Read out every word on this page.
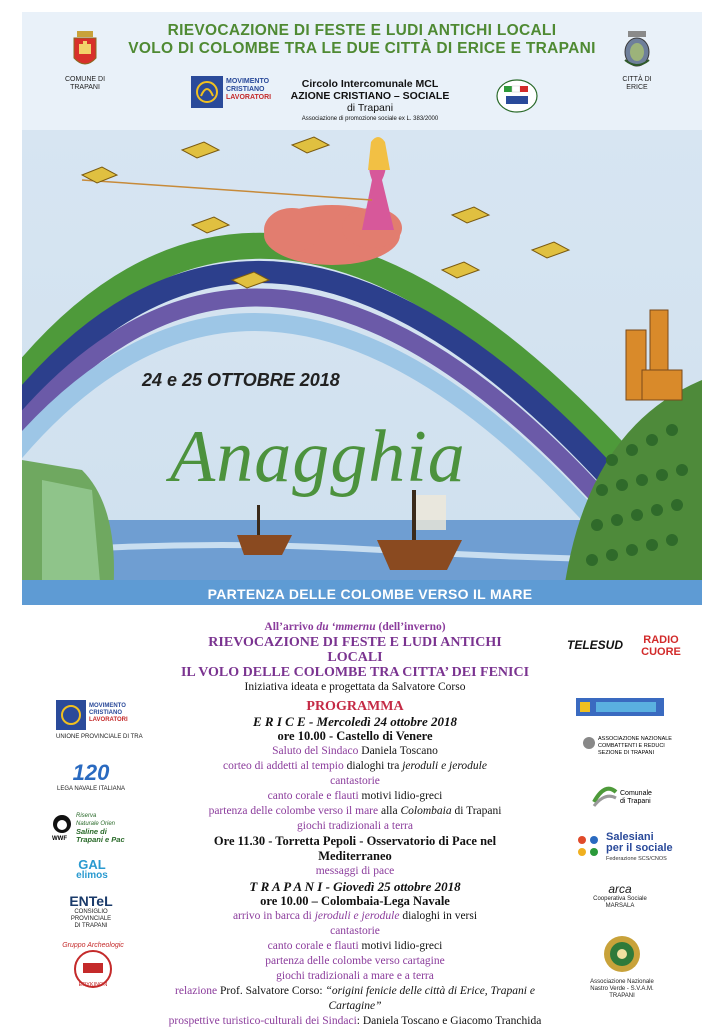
RIEVOCAZIONE DI FESTE E LUDI ANTICHI LOCALI
VOLO DI COLOMBE TRA LE DUE CITTÀ DI ERICE E TRAPANI
COMUNE DI
TRAPANI
CITTÀ DI
ERICE
MOVIMENTO
CRISTIANO
LAVORATORI
Circolo Intercomunale MCL
AZIONE CRISTIANO – SOCIALE
di Trapani
Associazione di promozione sociale ex L. 383/2000
24 e 25 OTTOBRE 2018
Anagghia
PARTENZA DELLE COLOMBE VERSO IL MARE
All’arrivo du ‘mmernu (dell’inverno)
RIEVOCAZIONE DI FESTE E LUDI ANTICHI
LOCALI
IL VOLO DELLE COLOMBE TRA CITTA’ DEI FENICI
Iniziativa ideata e progettata da Salvatore Corso
PROGRAMMA
E R I C E - Mercoledì 24 ottobre 2018
ore 10.00 - Castello di Venere
Saluto del Sindaco Daniela Toscano
corteo di addetti al tempio dialoghi tra jeroduli e jerodule
cantastorie
canto corale e flauti motivi lidio-greci
partenza delle colombe verso il mare alla Colombaia di Trapani
giochi tradizionali a terra
Ore 11.30 - Torretta Pepoli - Osservatorio di Pace nel
Mediterraneo
messaggi di pace
T R A P A N I - Giovedì 25 ottobre 2018
ore 10.00 – Colombaia-Lega Navale
arrivo in barca di jeroduli e jerodule dialoghi in versi
cantastorie
canto corale e flauti motivi lidio-greci
partenza delle colombe verso cartagine
giochi tradizionali a mare e a terra
relazione Prof. Salvatore Corso: “origini fenicie delle città di Erice, Trapani e
Cartagine”
prospettive turistico-culturali dei Sindaci: Daniela Toscano e Giacomo Tranchida
MOVIMENTO
CRISTIANO
LAVORATORI
UNIONE PROVINCIALE DI TRA
120
LEGA NAVALE ITALIANA
WWF
Riserva
Naturale Orien
Saline di
Trapani e Pac
GAL
elimos
ENTeL
CONSIGLIO PROVINCIALE
DI TRAPANI
Gruppo Archeologic
ERYKINON
TELESUD	RADIO
CUORE
ASSOCIAZIONE NAZIONALE
COMBATTENTI E REDUCI
SEZIONE DI TRAPANI
Comunale
di Trapani
Salesiani
per il sociale
Federazione SCS/CNOS
arca
Cooperativa Sociale
MARSALA
Associazione Nazionale
Nastro Verde - S.V.A.M.
TRAPANI
